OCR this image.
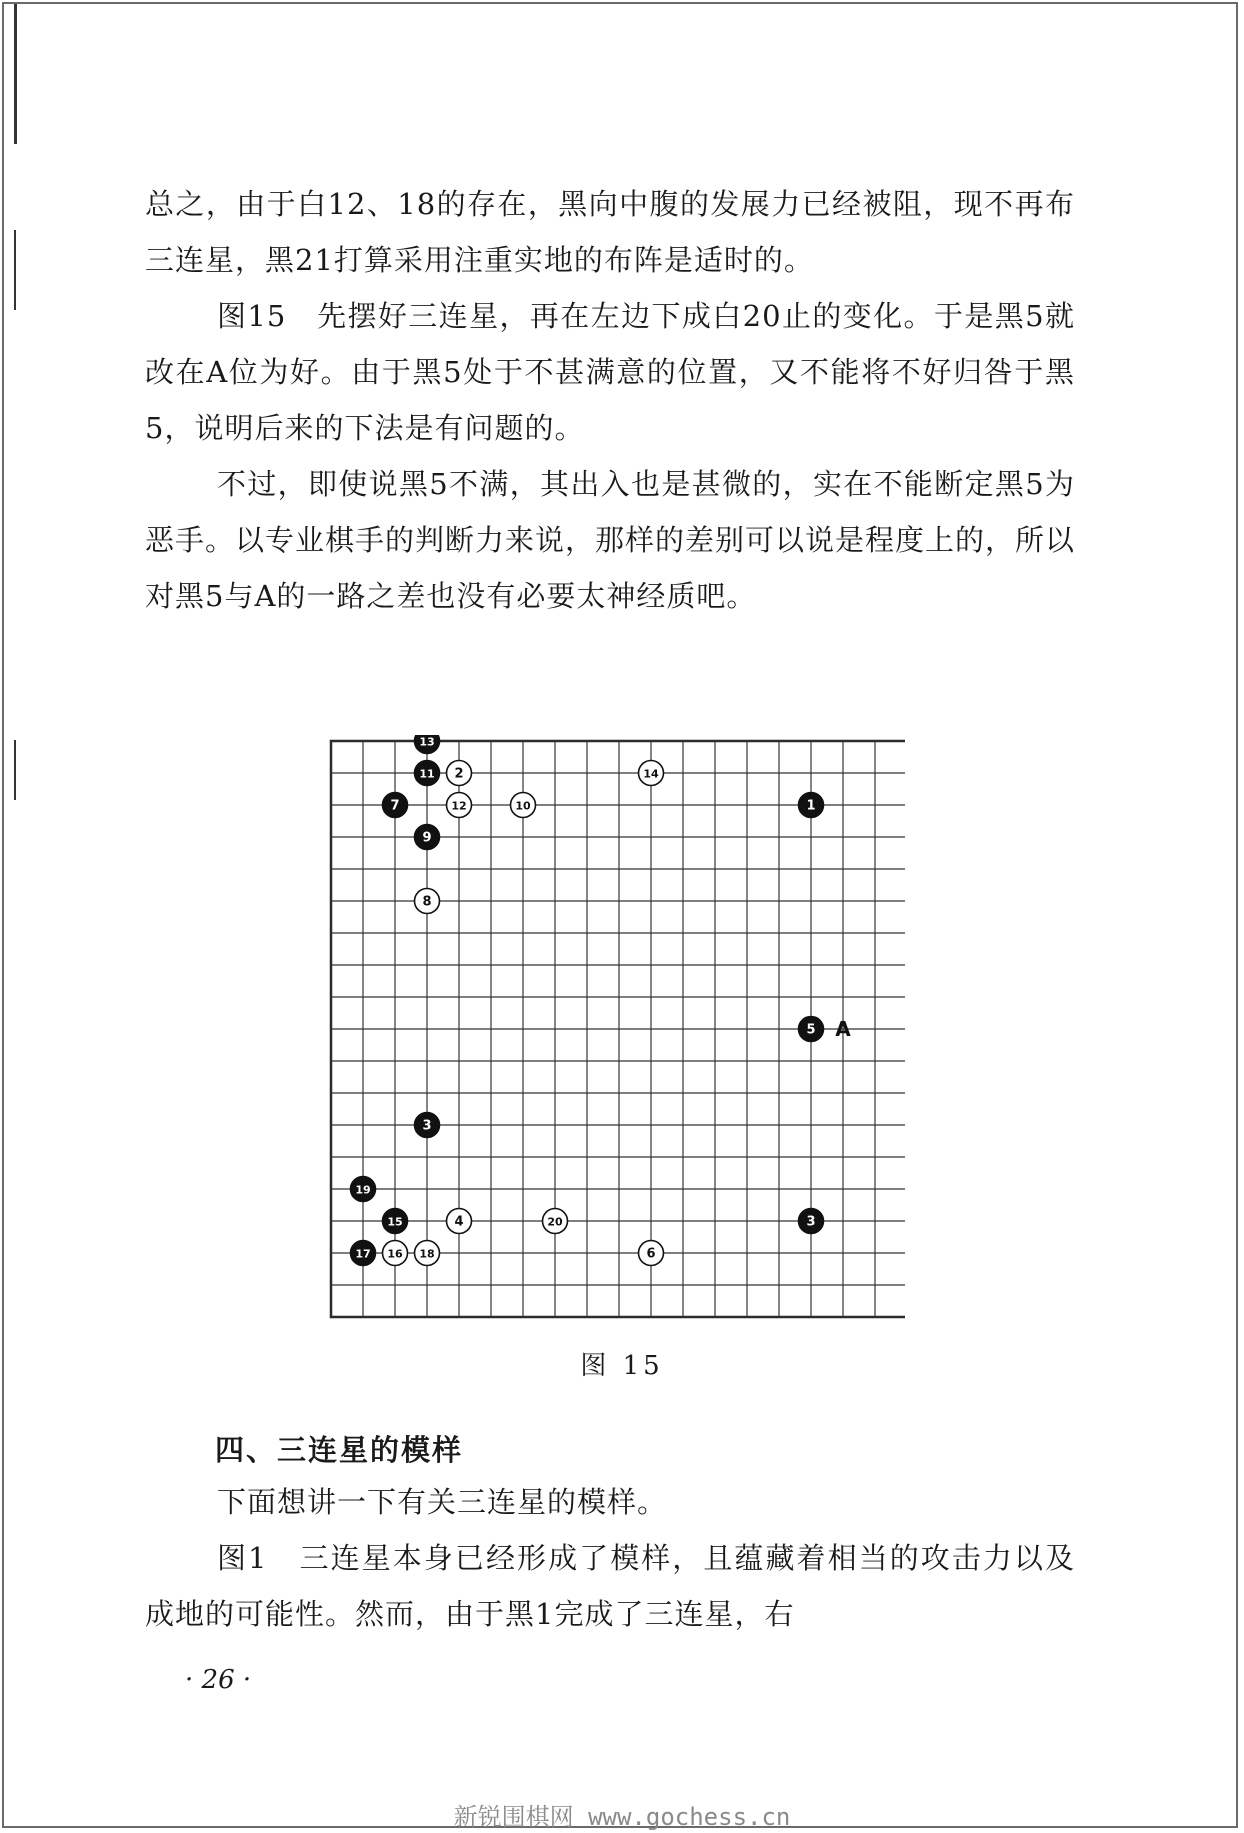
总之，由于白12、18的存在，黑向中腹的发展力已经被阻，现不再布三连星，黑21打算采用注重实地的布阵是适时的。

图15　先摆好三连星，再在左边下成白20止的变化。于是黑5就改在A位为好。由于黑5处于不甚满意的位置，又不能将不好归咎于黑5，说明后来的下法是有问题的。

不过，即使说黑5不满，其出入也是甚微的，实在不能断定黑5为恶手。以专业棋手的判断力来说，那样的差别可以说是程度上的，所以对黑5与A的一路之差也没有必要太神经质吧。

13
11 2	14
7	12	10	1
9
8
5
3
19
15	4	20	3
17 16 18	6
A
图 15
四、三连星的模样

下面想讲一下有关三连星的模样。

图1　三连星本身已经形成了模样，且蕴藏着相当的攻击力以及成地的可能性。然而，由于黑1完成了三连星，右

· 26 ·
新锐围棋网 www.gochess.cn
